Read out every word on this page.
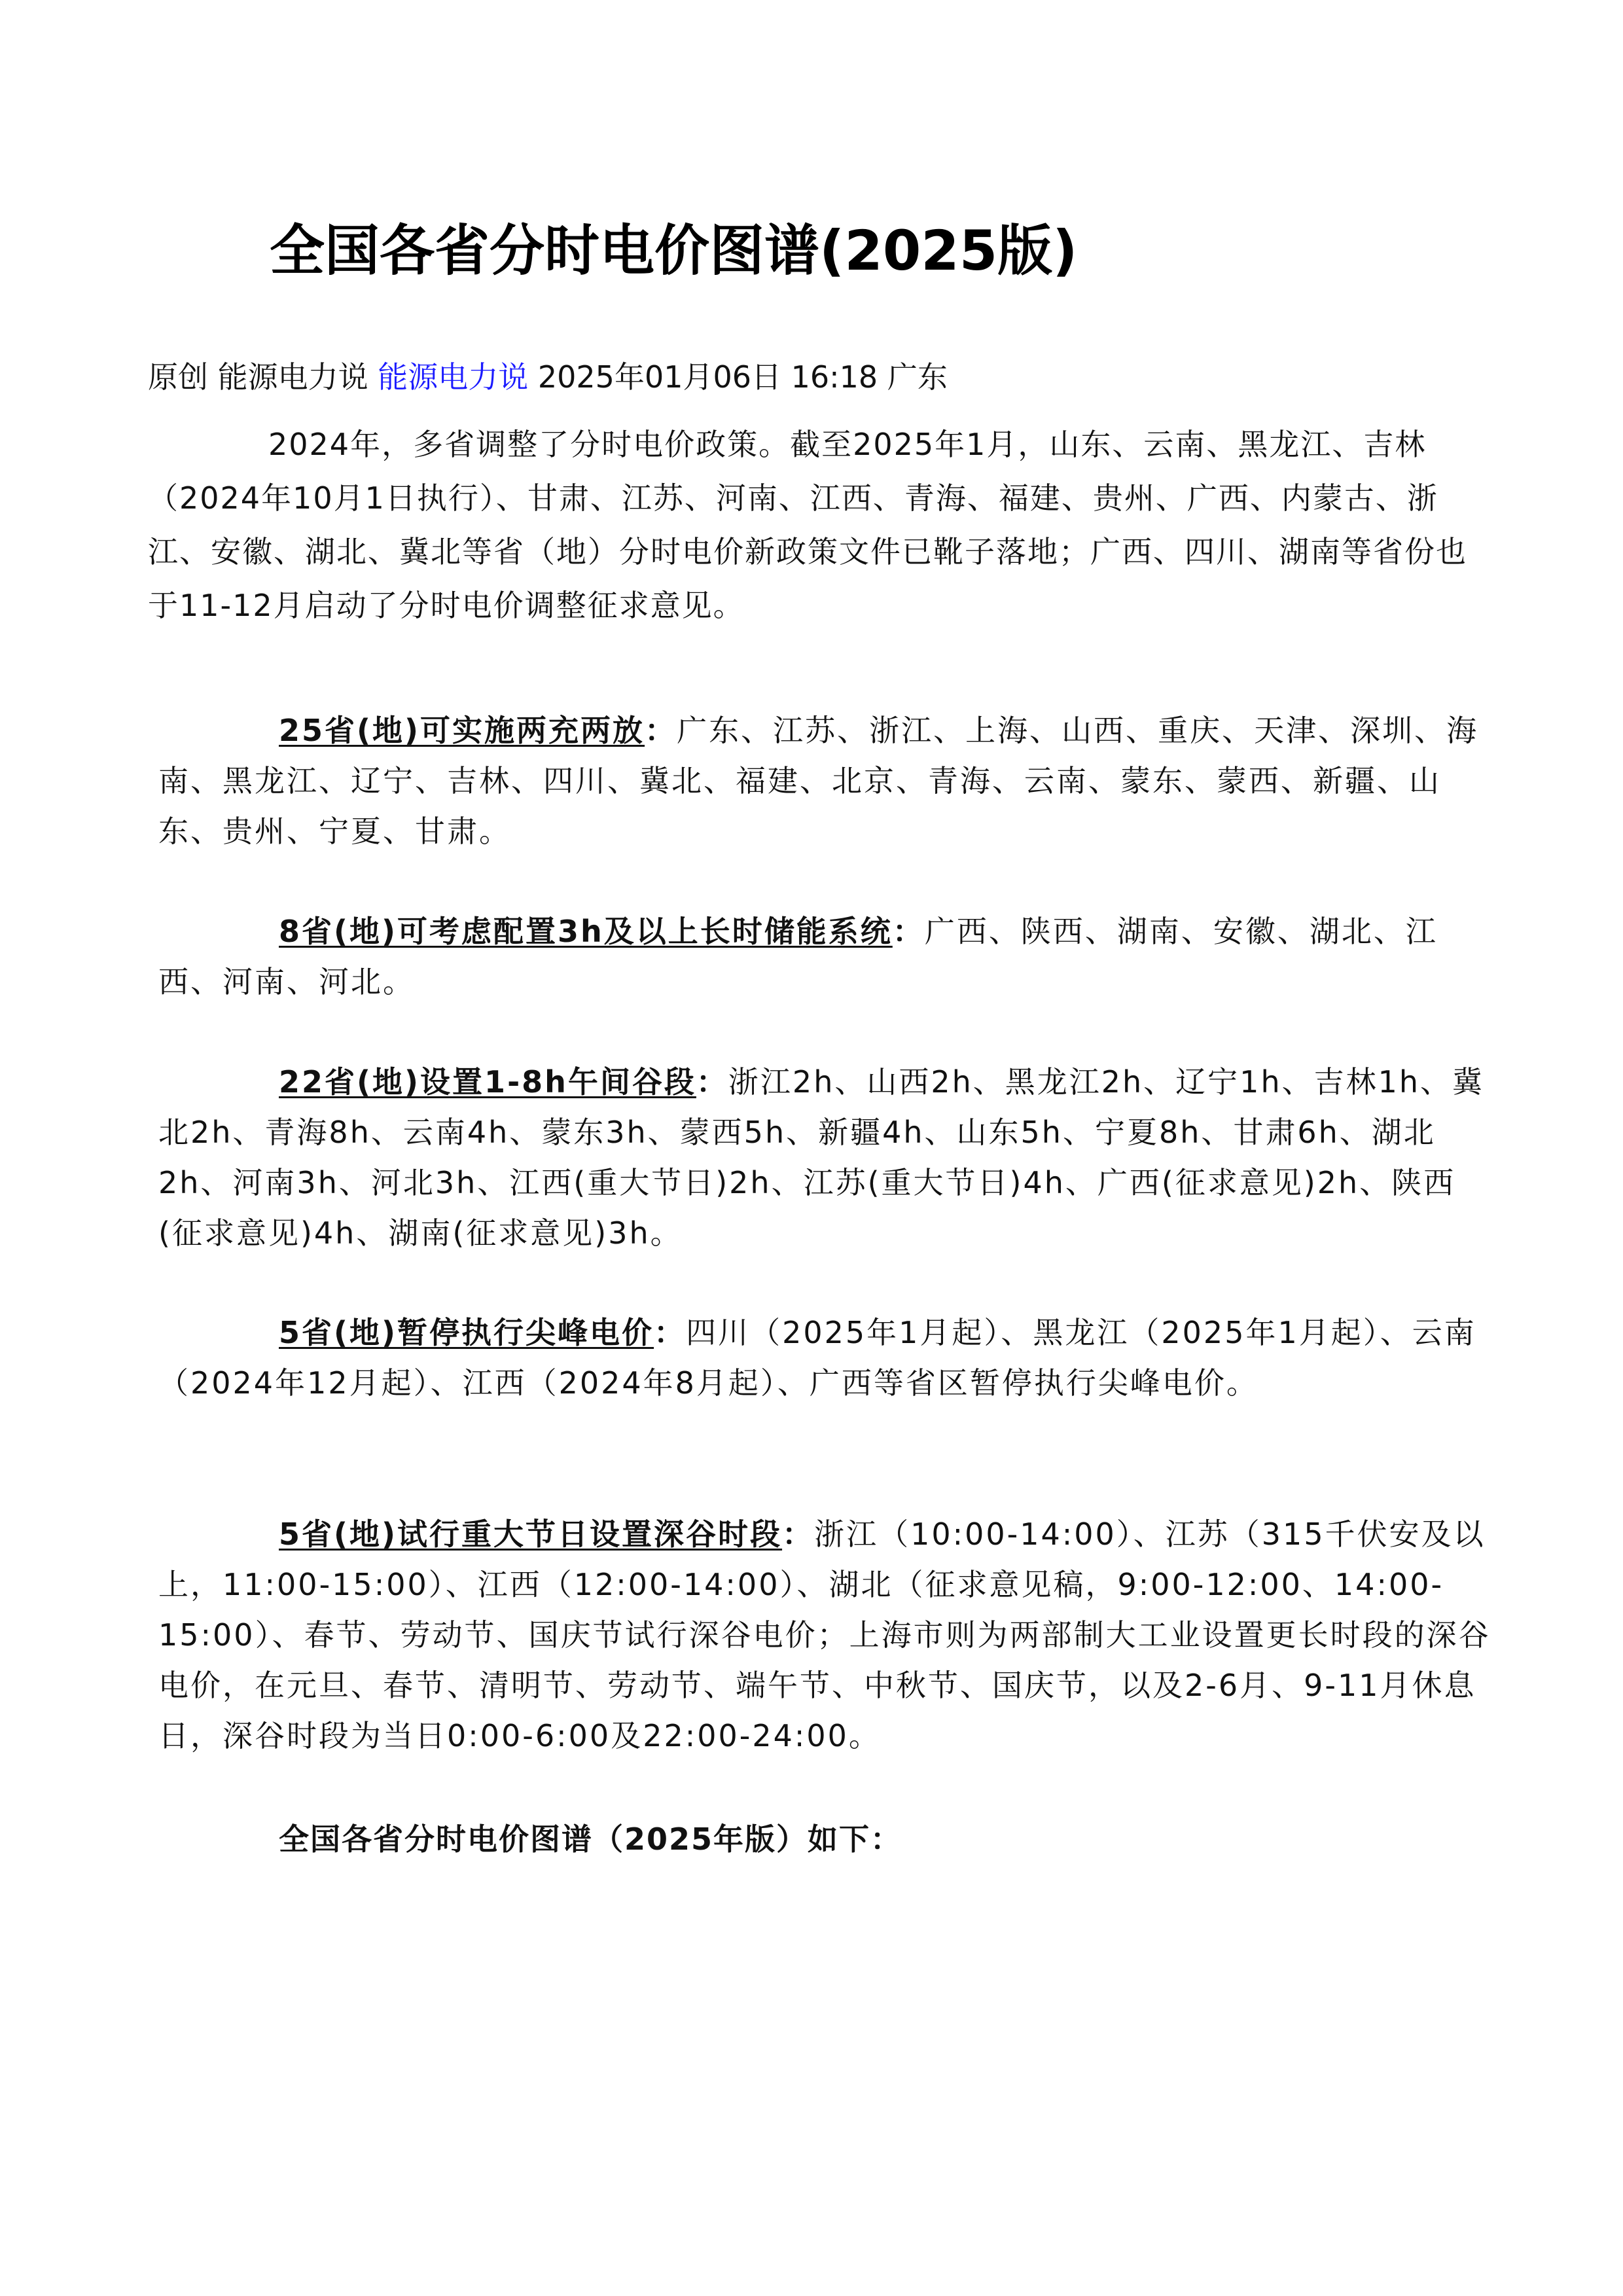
全国各省分时电价图谱(2025版)
原创 能源电力说 能源电力说 2025年01月06日 16:18 广东

2024年，多省调整了分时电价政策。截至2025年1月，山东、云南、黑龙江、吉林（2024年10月1日执行）、甘肃、江苏、河南、江西、青海、福建、贵州、广西、内蒙古、浙江、安徽、湖北、冀北等省（地）分时电价新政策文件已靴子落地；广西、四川、湖南等省份也于11-12月启动了分时电价调整征求意见。

25省(地)可实施两充两放：广东、江苏、浙江、上海、山西、重庆、天津、深圳、海南、黑龙江、辽宁、吉林、四川、冀北、福建、北京、青海、云南、蒙东、蒙西、新疆、山东、贵州、宁夏、甘肃。

8省(地)可考虑配置3h及以上长时储能系统：广西、陕西、湖南、安徽、湖北、江西、河南、河北。

22省(地)设置1-8h午间谷段：浙江2h、山西2h、黑龙江2h、辽宁1h、吉林1h、冀北2h、青海8h、云南4h、蒙东3h、蒙西5h、新疆4h、山东5h、宁夏8h、甘肃6h、湖北2h、河南3h、河北3h、江西(重大节日)2h、江苏(重大节日)4h、广西(征求意见)2h、陕西(征求意见)4h、湖南(征求意见)3h。

5省(地)暂停执行尖峰电价：四川（2025年1月起）、黑龙江（2025年1月起）、云南（2024年12月起）、江西（2024年8月起）、广西等省区暂停执行尖峰电价。

5省(地)试行重大节日设置深谷时段：浙江（10:00-14:00）、江苏（315千伏安及以上，11:00-15:00）、江西（12:00-14:00）、湖北（征求意见稿，9:00-12:00、14:00-15:00）、春节、劳动节、国庆节试行深谷电价；上海市则为两部制大工业设置更长时段的深谷电价，在元旦、春节、清明节、劳动节、端午节、中秋节、国庆节，以及2-6月、9-11月休息日，深谷时段为当日0:00-6:00及22:00-24:00。

全国各省分时电价图谱（2025年版）如下：
